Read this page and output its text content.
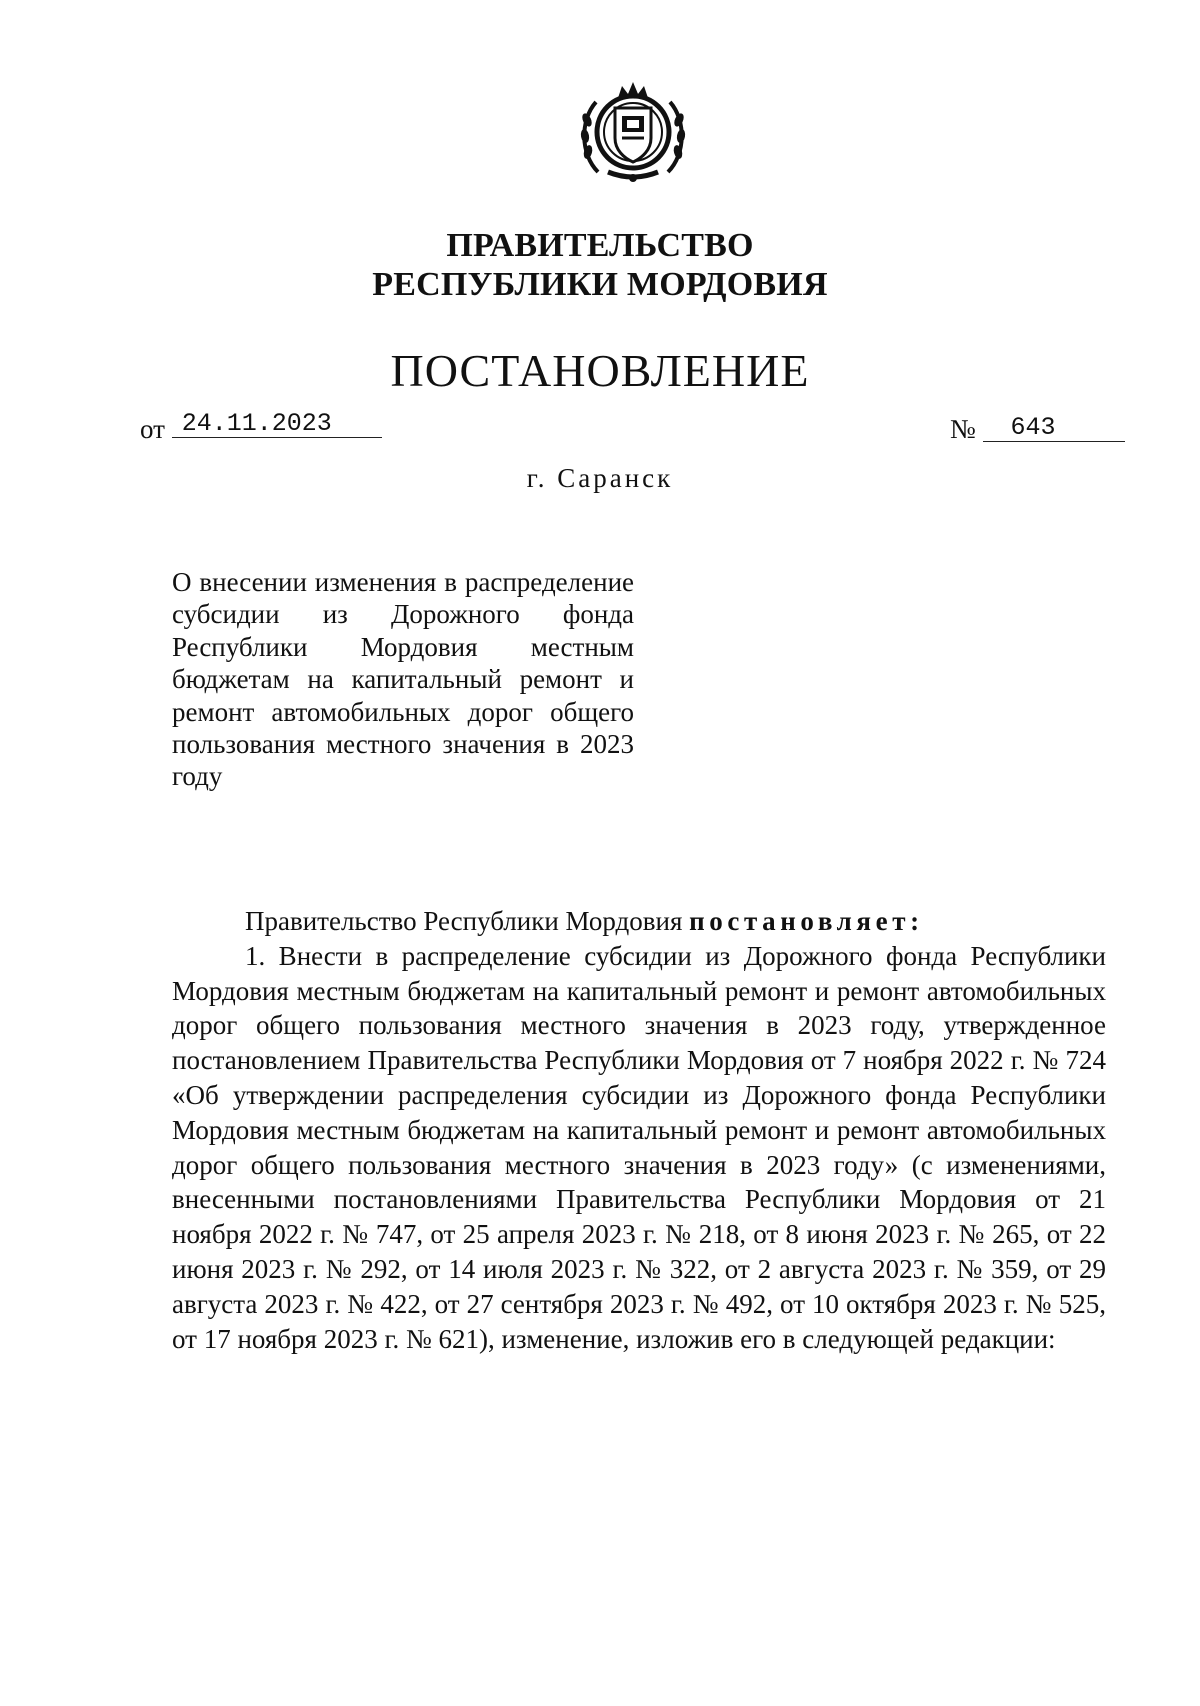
ПРАВИТЕЛЬСТВО
РЕСПУБЛИКИ МОРДОВИЯ
ПОСТАНОВЛЕНИЕ
от 24.11.2023	№ 643
г. Саранск
О внесении изменения в распределение субсидии из Дорожного фонда Республики Мордовия местным бюджетам на капитальный ремонт и ремонт автомобильных дорог общего пользования местного значения в 2023 году

Правительство Республики Мордовия постановляет:

1. Внести в распределение субсидии из Дорожного фонда Республики Мордовия местным бюджетам на капитальный ремонт и ремонт автомобильных дорог общего пользования местного значения в 2023 году, утвержденное постановлением Правительства Республики Мордовия от 7 ноября 2022 г. № 724 «Об утверждении распределения субсидии из Дорожного фонда Республики Мордовия местным бюджетам на капитальный ремонт и ремонт автомобильных дорог общего пользования местного значения в 2023 году» (с изменениями, внесенными постановлениями Правительства Республики Мордовия от 21 ноября 2022 г. № 747, от 25 апреля 2023 г. № 218, от 8 июня 2023 г. № 265, от 22 июня 2023 г. № 292, от 14 июля 2023 г. № 322, от 2 августа 2023 г. № 359, от 29 августа 2023 г. № 422, от 27 сентября 2023 г. № 492, от 10 октября 2023 г. № 525, от 17 ноября 2023 г. № 621), изменение, изложив его в следующей редакции:
